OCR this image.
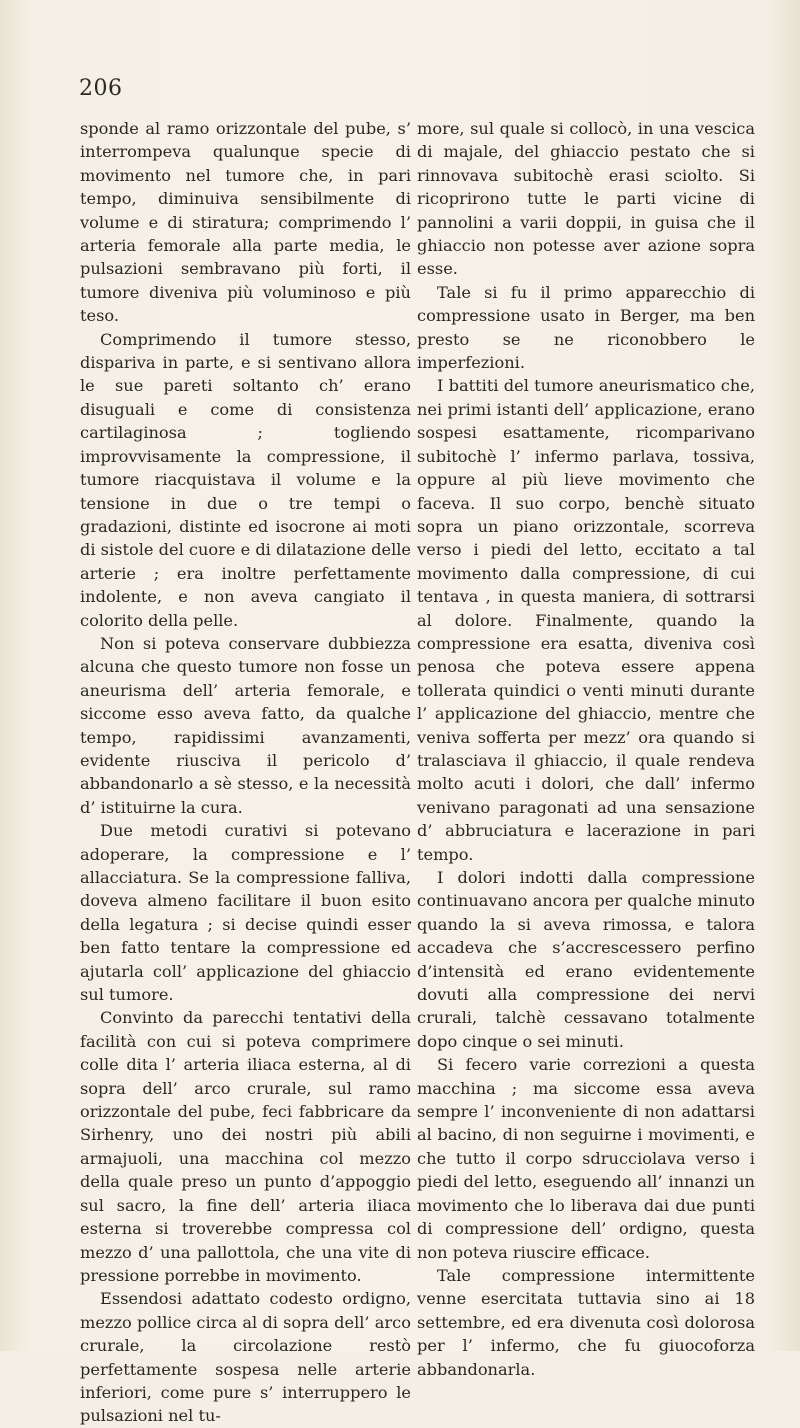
206

sponde al ramo orizzontale del pube, s’ interrompeva qualunque specie di movimento nel tumore che, in pari tempo, diminuiva sensibilmente di volume e di stiratura; comprimendo l’ arteria femorale alla parte media, le pulsazioni sembravano più forti, il tumore diveniva più voluminoso e più teso.

Comprimendo il tumore stesso, dispariva in parte, e si sentivano allora le sue pareti soltanto ch’ erano disuguali e come di consistenza cartilaginosa ; togliendo improvvisamente la compressione, il tumore riacquistava il volume e la tensione in due o tre tempi o gradazioni, distinte ed isocrone ai moti di sistole del cuore e di dilatazione delle arterie ; era inoltre perfettamente indolente, e non aveva cangiato il colorito della pelle.

Non si poteva conservare dubbiezza alcuna che questo tumore non fosse un aneurisma dell’ arteria femorale, e siccome esso aveva fatto, da qualche tempo, rapidissimi avanzamenti, evidente riusciva il pericolo d’ abbandonarlo a sè stesso, e la necessità d’ istituirne la cura.

Due metodi curativi si potevano adoperare, la compressione e l’ allacciatura. Se la compressione falliva, doveva almeno facilitare il buon esito della legatura ; si decise quindi esser ben fatto tentare la compressione ed ajutarla coll’ applicazione del ghiaccio sul tumore.

Convinto da parecchi tentativi della facilità con cui si poteva comprimere colle dita l’ arteria iliaca esterna, al di sopra dell’ arco crurale, sul ramo orizzontale del pube, feci fabbricare da Sirhenry, uno dei nostri più abili armajuoli, una macchina col mezzo della quale preso un punto d’appoggio sul sacro, la fine dell’ arteria iliaca esterna si troverebbe compressa col mezzo d’ una pallottola, che una vite di pressione porrebbe in movimento.

Essendosi adattato codesto ordigno, mezzo pollice circa al di sopra dell’ arco crurale, la circolazione restò perfettamente sospesa nelle arterie inferiori, come pure s’ interruppero le pulsazioni nel tu-

more, sul quale si collocò, in una vescica di majale, del ghiaccio pestato che si rinnovava subitochè erasi sciolto. Si ricoprirono tutte le parti vicine di pannolini a varii doppii, in guisa che il ghiaccio non potesse aver azione sopra esse.

Tale si fu il primo apparecchio di compressione usato in Berger, ma ben presto se ne riconobbero le imperfezioni.

I battiti del tumore aneurismatico che, nei primi istanti dell’ applicazione, erano sospesi esattamente, ricomparivano subitochè l’ infermo parlava, tossiva, oppure al più lieve movimento che faceva. Il suo corpo, benchè situato sopra un piano orizzontale, scorreva verso i piedi del letto, eccitato a tal movimento dalla compressione, di cui tentava , in questa maniera, di sottrarsi al dolore. Finalmente, quando la compressione era esatta, diveniva così penosa che poteva essere appena tollerata quindici o venti minuti durante l’ applicazione del ghiaccio, mentre che veniva sofferta per mezz’ ora quando si tralasciava il ghiaccio, il quale rendeva molto acuti i dolori, che dall’ infermo venivano paragonati ad una sensazione d’ abbruciatura e lacerazione in pari tempo.

I dolori indotti dalla compressione continuavano ancora per qualche minuto quando la si aveva rimossa, e talora accadeva che s’accrescessero perfino d’intensità ed erano evidentemente dovuti alla compressione dei nervi crurali, talchè cessavano totalmente dopo cinque o sei minuti.

Si fecero varie correzioni a questa macchina ; ma siccome essa aveva sempre l’ inconveniente di non adattarsi al bacino, di non seguirne i movimenti, e che tutto il corpo sdrucciolava verso i piedi del letto, eseguendo all’ innanzi un movimento che lo liberava dai due punti di compressione dell’ ordigno, questa non poteva riuscire efficace.

Tale compressione intermittente venne esercitata tuttavia sino ai 18 settembre, ed era divenuta così dolorosa per l’ infermo, che fu giuocoforza abbandonarla.
